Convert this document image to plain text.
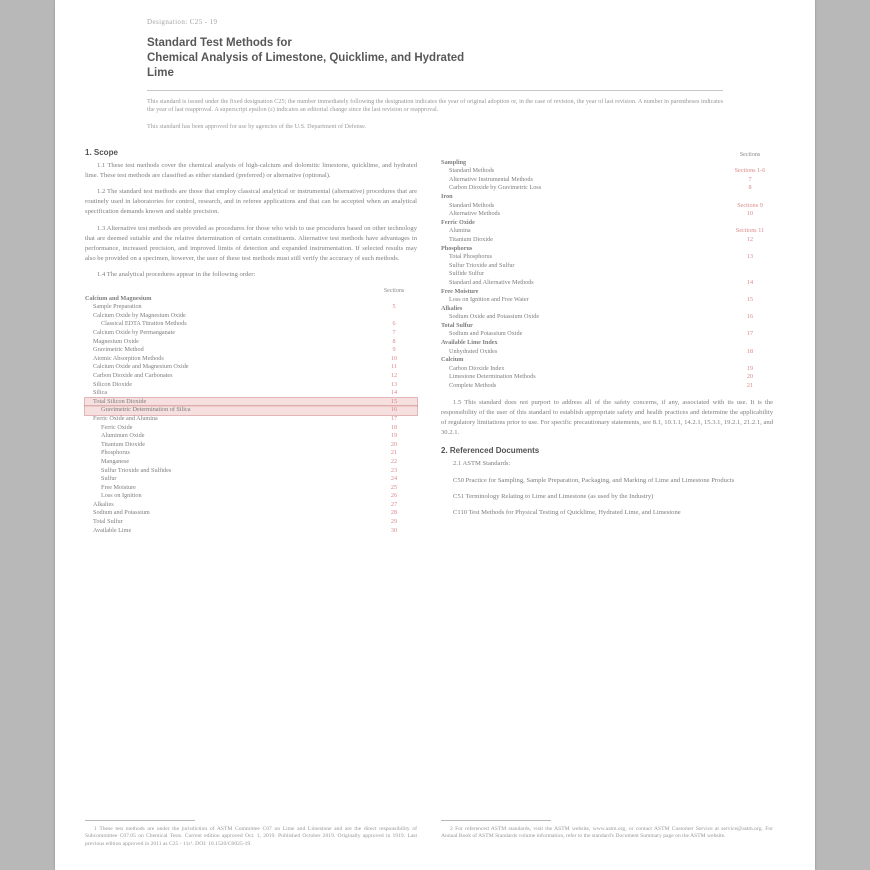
Designation: C25 - 19
Standard Test Methods for
Chemical Analysis of Limestone, Quicklime, and Hydrated
Lime
This standard is issued under the fixed designation C25; the number immediately following the designation indicates the year of original adoption or, in the case of revision, the year of last revision. A number in parentheses indicates the year of last reapproval. A superscript epsilon (ε) indicates an editorial change since the last revision or reapproval.
This standard has been approved for use by agencies of the U.S. Department of Defense.
1. Scope

1.1 These test methods cover the chemical analysis of high-calcium and dolomitic limestone, quicklime, and hydrated lime. These test methods are classified as either standard (preferred) or alternative (optional).

1.2 The standard test methods are those that employ classical analytical or instrumental (alternative) procedures that are routinely used in laboratories for control, research, and in referee applications and that can be accepted when an analytical specification demands known and stable precision.

1.3 Alternative test methods are provided as procedures for those who wish to use procedures based on other technology that are deemed suitable and the relative determination of certain constituents. Alternative test methods have advantages in performance, increased precision, and improved limits of detection and expanded instrumentation. If selected results may also be provided on a specimen, however, the user of these test methods must still verify the accuracy of such methods.

1.4 The analytical procedures appear in the following order:

Sections
Calcium and Magnesium
Sample Preparation	5
Calcium Oxide by Magnesium Oxide
Classical EDTA Titration Methods	6
Calcium Oxide by Permanganate	7
Magnesium Oxide	8
Gravimetric Method	9
Atomic Absorption Methods	10
Calcium Oxide and Magnesium Oxide	11
Carbon Dioxide and Carbonates	12
Silicon Dioxide	13
Silica	14
Total Silicon Dioxide	15
Gravimetric Determination of Silica	16
Ferric Oxide and Alumina	17
Ferric Oxide	18
Aluminum Oxide	19
Titanium Dioxide	20
Phosphorus	21
Manganese	22
Sulfur Trioxide and Sulfides	23
Sulfur	24
Free Moisture	25
Loss on Ignition	26
Alkalies	27
Sodium and Potassium	28
Total Sulfur	29
Available Lime	30
Sections
Sampling
Standard Methods	Sections 1-6
Alternative Instrumental Methods	7
Carbon Dioxide by Gravimetric Loss	8
Iron
Standard Methods	Sections 9
Alternative Methods	10
Ferric Oxide
Alumina	Sections 11
Titanium Dioxide	12
Phosphorus
Total Phosphorus	13
Sulfur Trioxide and Sulfur
Sulfide Sulfur
Standard and Alternative Methods	14
Free Moisture
Loss on Ignition and Free Water	15
Alkalies
Sodium Oxide and Potassium Oxide	16
Total Sulfur
Sodium and Potassium Oxide	17
Available Lime Index
Unhydrated Oxides	18
Calcium
Carbon Dioxide Index	19
Limestone Determination Methods	20
Complete Methods	21

1.5 This standard does not purport to address all of the safety concerns, if any, associated with its use. It is the responsibility of the user of this standard to establish appropriate safety and health practices and determine the applicability of regulatory limitations prior to use. For specific precautionary statements, see 8.1, 10.1.1, 14.2.1, 15.3.1, 19.2.1, 21.2.1, and 30.2.1.

2. Referenced Documents

2.1 ASTM Standards:

C50 Practice for Sampling, Sample Preparation, Packaging, and Marking of Lime and Limestone Products

C51 Terminology Relating to Lime and Limestone (as used by the Industry)

C110 Test Methods for Physical Testing of Quicklime, Hydrated Lime, and Limestone

1 These test methods are under the jurisdiction of ASTM Committee C07 on Lime and Limestone and are the direct responsibility of Subcommittee C07.05 on Chemical Tests. Current edition approved Oct. 1, 2019. Published October 2019. Originally approved in 1919. Last previous edition approved in 2011 as C25 - 11ε¹. DOI: 10.1520/C0025-19.

2 For referenced ASTM standards, visit the ASTM website, www.astm.org, or contact ASTM Customer Service at service@astm.org. For Annual Book of ASTM Standards volume information, refer to the standard's Document Summary page on the ASTM website.
